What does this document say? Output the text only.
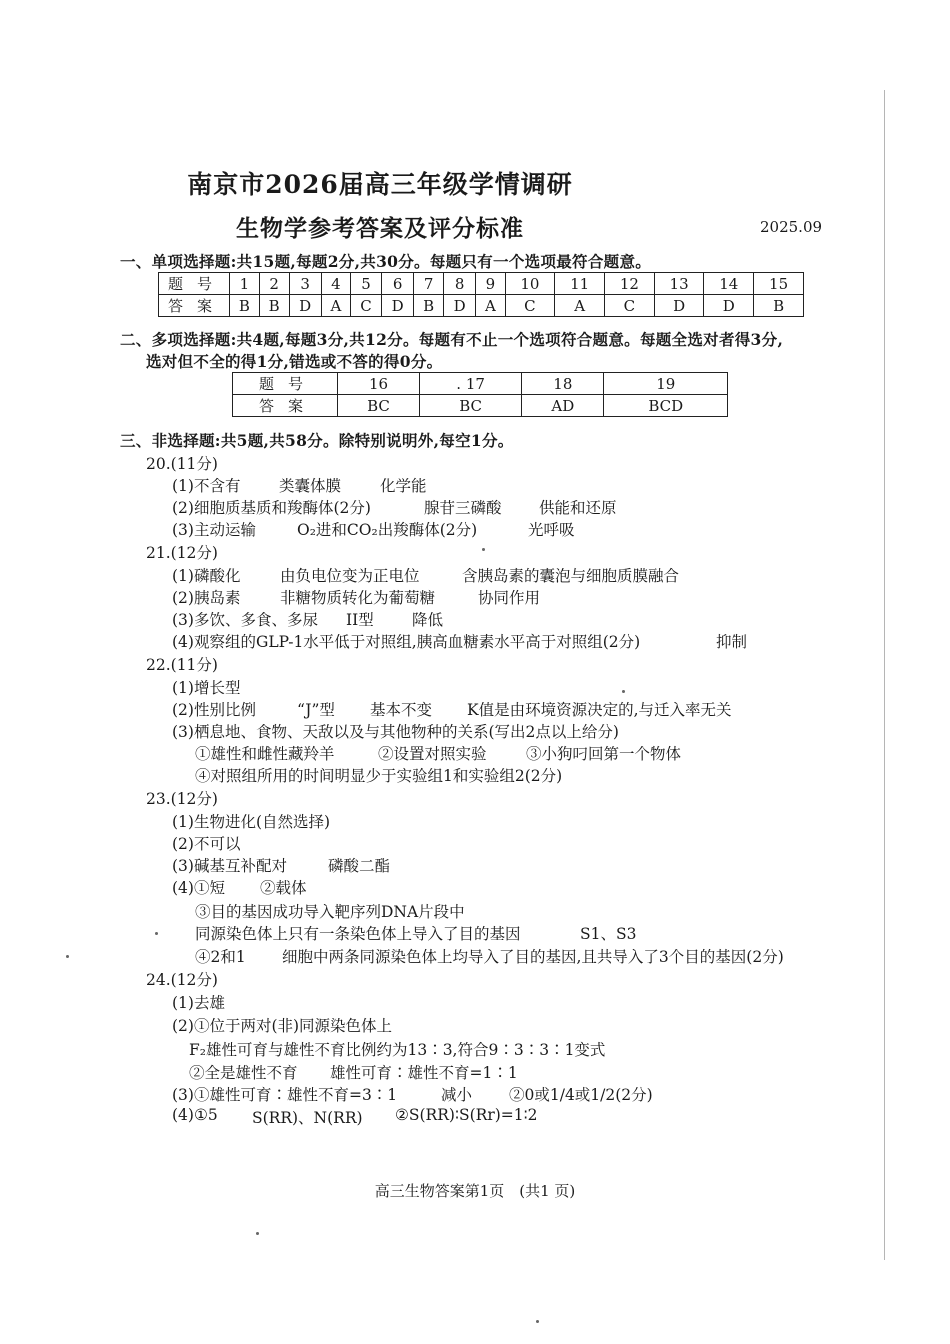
南京市2026届高三年级学情调研
生物学参考答案及评分标准	2025.09
一、单项选择题:共15题,每题2分,共30分。每题只有一个选项最符合题意。
题号	1	2	3	4	5	6	7	8	9	10	11	12	13	14	15
答案	B	B	D	A	C	D	B	D	A	C	A	C	D	D	B
二、多项选择题:共4题,每题3分,共12分。每题有不止一个选项符合题意。每题全选对者得3分,
选对但不全的得1分,错选或不答的得0分。
题号	16	. 17	18	19
答案	BC	BC	AD	BCD
三、非选择题:共5题,共58分。除特别说明外,每空1分。
20.(11分)
(1)不含有 类囊体膜	化学能
(2)细胞质基质和羧酶体(2分)	腺苷三磷酸 供能和还原
(3)主动运输	O₂进和CO₂出羧酶体(2分)	光呼吸
21.(12分)
(1)磷酸化	由负电位变为正电位	含胰岛素的囊泡与细胞质膜融合
(2)胰岛素	非糖物质转化为葡萄糖	协同作用
(3)多饮、多食、多尿 II型 降低
(4)观察组的GLP-1水平低于对照组,胰高血糖素水平高于对照组(2分)	抑制
22.(11分)
(1)增长型
(2)性别比例	“J”型 基本不变 K值是由环境资源决定的,与迁入率无关
(3)栖息地、食物、天敌以及与其他物种的关系(写出2点以上给分)
①雄性和雌性藏羚羊	②设置对照实验	③小狗叼回第一个物体
④对照组所用的时间明显少于实验组1和实验组2(2分)
23.(12分)
(1)生物进化(自然选择)
(2)不可以
(3)碱基互补配对	磷酸二酯
(4)①短 ②载体
③目的基因成功导入靶序列DNA片段中
同源染色体上只有一条染色体上导入了目的基因	S1、S3
④2和1 细胞中两条同源染色体上均导入了目的基因,且共导入了3个目的基因(2分)
24.(12分)
(1)去雄
(2)①位于两对(非)同源染色体上
F₂雄性可育与雄性不育比例约为13∶3,符合9∶3∶3∶1变式
②全是雄性不育 雄性可育∶雄性不育=1∶1
(3)①雄性可育∶雄性不育=3∶1	减小 ②0或1/4或1/2(2分)
(4)①5 S(RR)、N(RR) ②S(RR)∶S(Rr)=1∶2
高三生物答案第1页　(共1 页)
